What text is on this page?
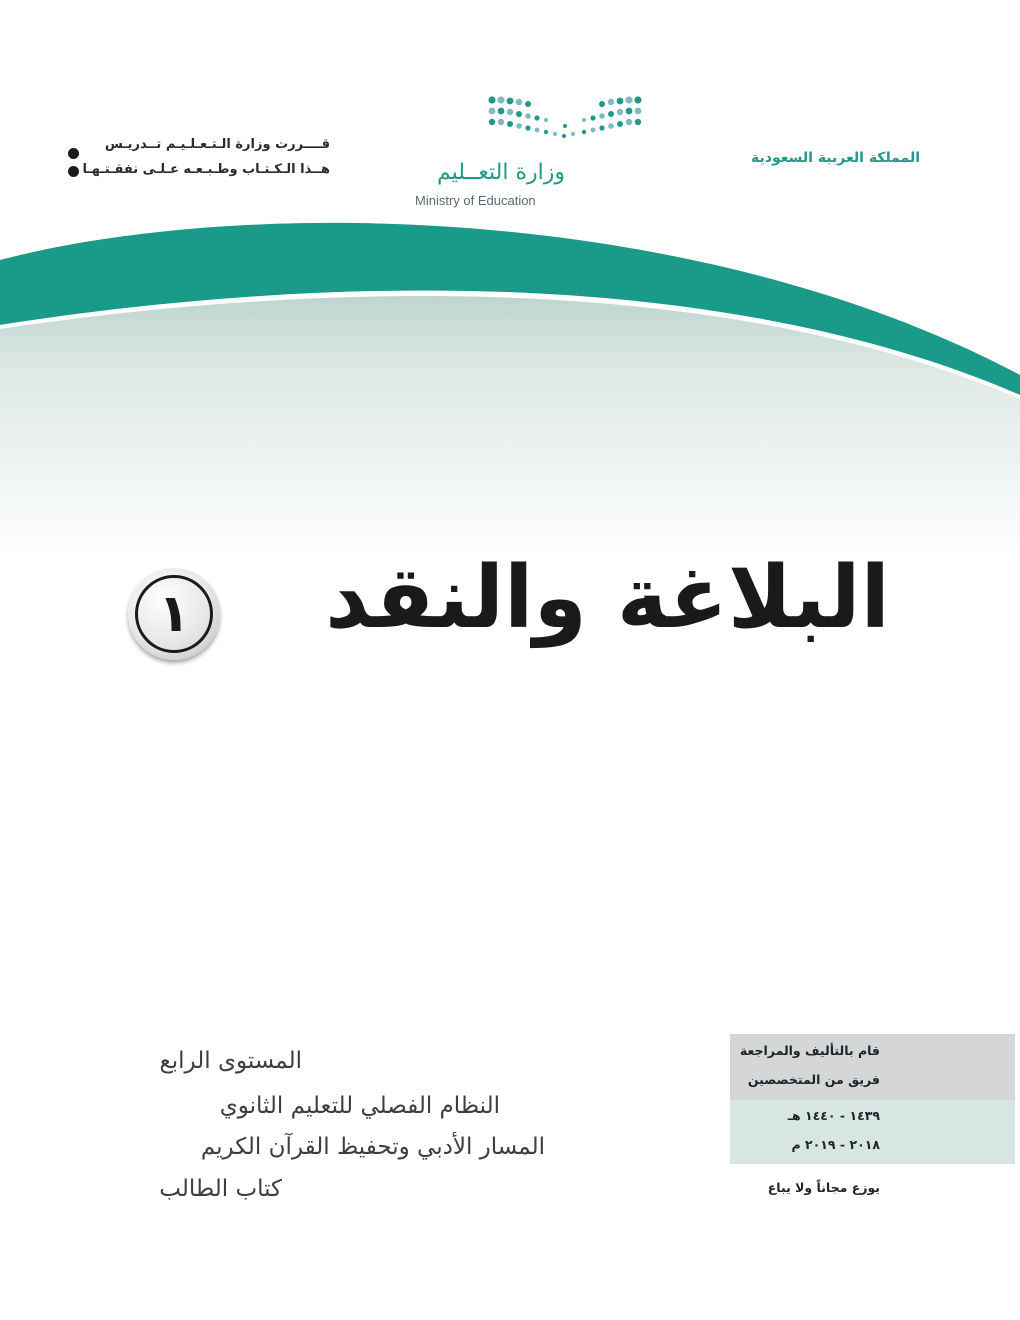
قــــررت وزارة الـتـعـلـيـم تــدريـس
هــذا الـكـتـاب وطـبـعـه عـلـى نفقـتـهـا	وزارة التعــليم
Ministry of Education
المملكة العربية السعودية
البلاغة والنقد
١
المستوى الرابع
النظام الفصلي للتعليم الثانوي
المسار الأدبي وتحفيظ القرآن الكريم
كتاب الطالب
قام بالتأليف والمراجعة
فريق من المتخصصين
١٤٣٩ - ١٤٤٠ هـ
٢٠١٨ - ٢٠١٩ م
يوزع مجاناً ولا يباع
